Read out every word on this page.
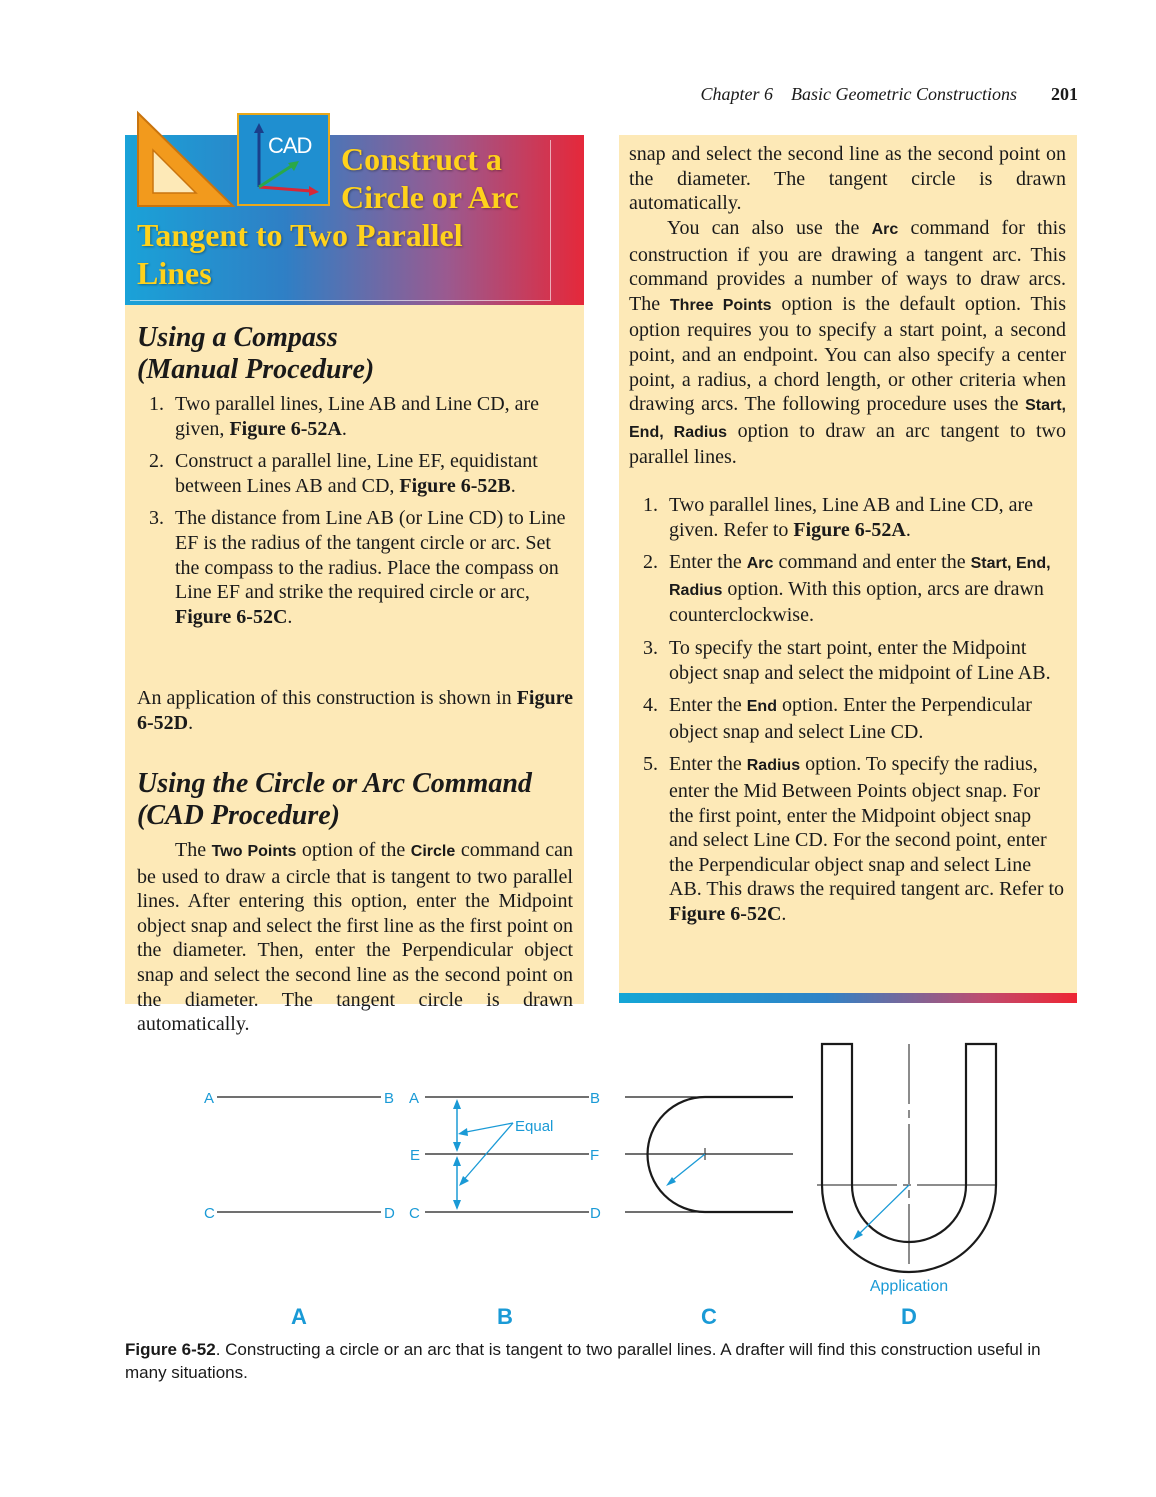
Chapter 6 Basic Geometric Constructions 201
CAD Construct a
Circle or Arc
Tangent to Two Parallel
Lines
Using a Compass
(Manual Procedure)
1. Two parallel lines, Line AB and Line CD, are given, Figure 6-52A.
2. Construct a parallel line, Line EF, equidistant between Lines AB and CD, Figure 6-52B.
3. The distance from Line AB (or Line CD) to Line EF is the radius of the tangent circle or arc. Set the compass to the radius. Place the compass on Line EF and strike the required circle or arc, Figure 6-52C.

An application of this construction is shown in Figure 6-52D.

Using the Circle or Arc Command
(CAD Procedure)

The Two Points option of the Circle command can be used to draw a circle that is tangent to two parallel lines. After entering this option, enter the Midpoint object snap and select the first line as the first point on the diameter. Then, enter the Perpendicular object snap and select the second line as the second point on the diameter. The tangent circle is drawn automatically.

snap and select the second line as the second point on the diameter. The tangent circle is drawn automatically.

You can also use the Arc command for this construction if you are drawing a tangent arc. This command provides a number of ways to draw arcs. The Three Points option is the default option. This option requires you to specify a start point, a second point, and an endpoint. You can also specify a center point, a radius, a chord length, or other criteria when drawing arcs. The following procedure uses the Start, End, Radius option to draw an arc tangent to two parallel lines.

1. Two parallel lines, Line AB and Line CD, are given. Refer to Figure 6-52A.
2. Enter the Arc command and enter the Start, End, Radius option. With this option, arcs are drawn counterclockwise.
3. To specify the start point, enter the Midpoint object snap and select the midpoint of Line AB.
4. Enter the End option. Enter the Perpendicular object snap and select Line CD.
5. Enter the Radius option. To specify the radius, enter the Mid Between Points object snap. For the first point, enter the Midpoint object snap and select Line CD. For the second point, enter the Perpendicular object snap and select Line AB. This draws the required tangent arc. Refer to Figure 6-52C.
A	B
C	D
A	B
E	F
C	D
Equal
Application
A	B	C	D

Figure 6-52. Constructing a circle or an arc that is tangent to two parallel lines. A drafter will find this construction useful in many situations.
